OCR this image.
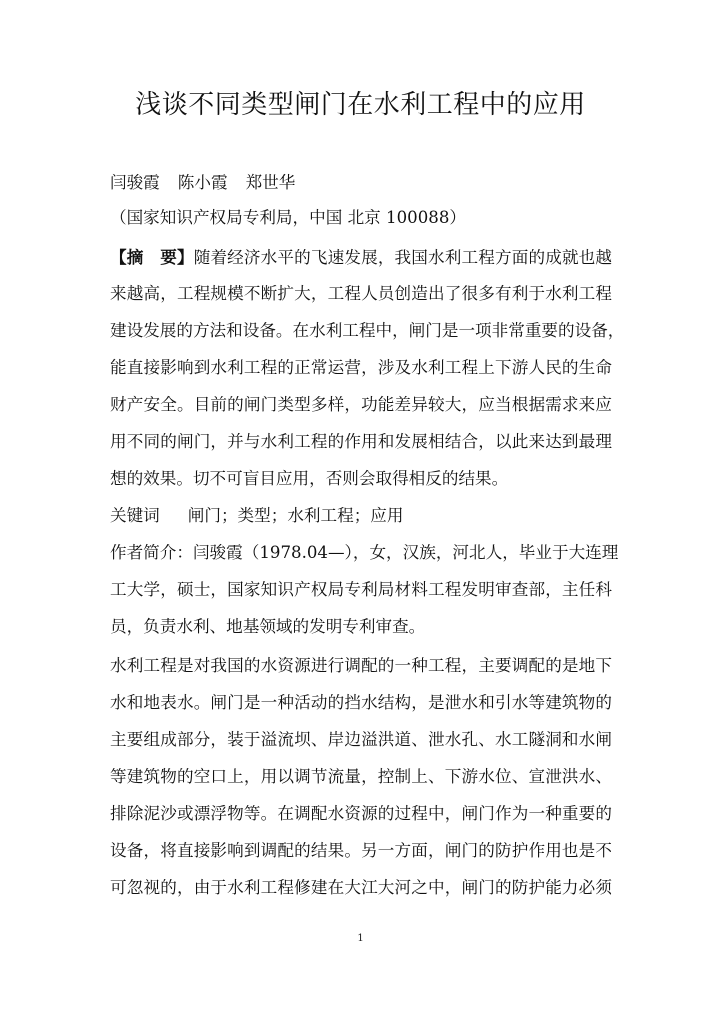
浅谈不同类型闸门在水利工程中的应用
闫骏霞 陈小霞 郑世华
（国家知识产权局专利局，中国 北京 100088）
【摘　要】随着经济水平的飞速发展，我国水利工程方面的成就也越
来越高，工程规模不断扩大，工程人员创造出了很多有利于水利工程
建设发展的方法和设备。在水利工程中，闸门是一项非常重要的设备，
能直接影响到水利工程的正常运营，涉及水利工程上下游人民的生命
财产安全。目前的闸门类型多样，功能差异较大，应当根据需求来应
用不同的闸门，并与水利工程的作用和发展相结合，以此来达到最理
想的效果。切不可盲目应用，否则会取得相反的结果。
关键词 闸门；类型；水利工程；应用
作者简介：闫骏霞（1978.04—），女，汉族，河北人，毕业于大连理
工大学，硕士，国家知识产权局专利局材料工程发明审查部，主任科
员，负责水利、地基领域的发明专利审查。
水利工程是对我国的水资源进行调配的一种工程，主要调配的是地下
水和地表水。闸门是一种活动的挡水结构，是泄水和引水等建筑物的
主要组成部分，装于溢流坝、岸边溢洪道、泄水孔、水工隧洞和水闸
等建筑物的空口上，用以调节流量，控制上、下游水位、宣泄洪水、
排除泥沙或漂浮物等。在调配水资源的过程中，闸门作为一种重要的
设备，将直接影响到调配的结果。另一方面，闸门的防护作用也是不
可忽视的，由于水利工程修建在大江大河之中，闸门的防护能力必须
1
